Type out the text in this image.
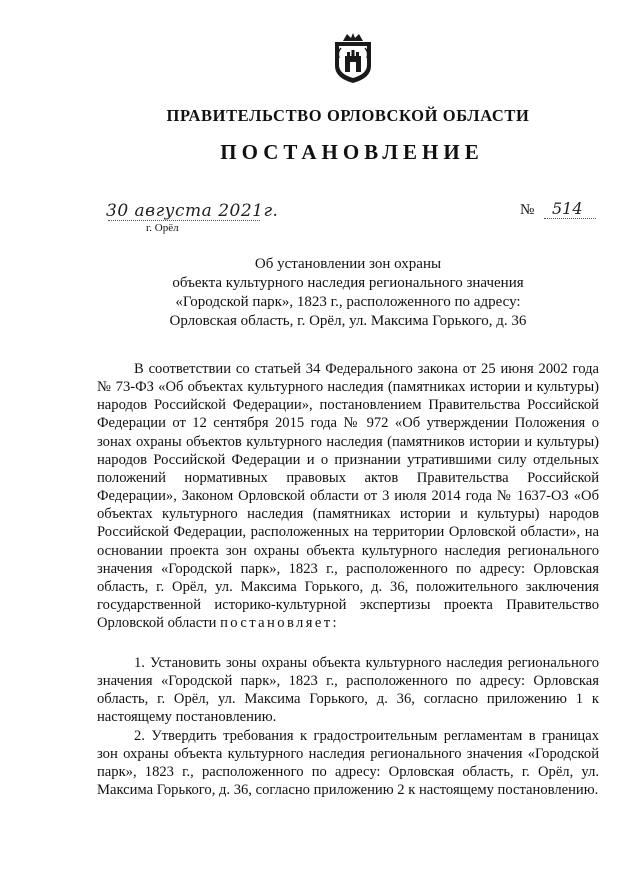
ПРАВИТЕЛЬСТВО ОРЛОВСКОЙ ОБЛАСТИ
ПОСТАНОВЛЕНИЕ
30 августа 2021г.
г. Орёл
№ 514
Об установлении зон охраны
объекта культурного наследия регионального значения
«Городской парк», 1823 г., расположенного по адресу:
Орловская область, г. Орёл, ул. Максима Горького, д. 36

В соответствии со статьей 34 Федерального закона от 25 июня 2002 года № 73-ФЗ «Об объектах культурного наследия (памятниках истории и культуры) народов Российской Федерации», постановлением Правительства Российской Федерации от 12 сентября 2015 года № 972 «Об утверждении Положения о зонах охраны объектов культурного наследия (памятников истории и культуры) народов Российской Федерации и о признании утратившими силу отдельных положений нормативных правовых актов Правительства Российской Федерации», Законом Орловской области от 3 июля 2014 года № 1637-ОЗ «Об объектах культурного наследия (памятниках истории и культуры) народов Российской Федерации, расположенных на территории Орловской области», на основании проекта зон охраны объекта культурного наследия регионального значения «Городской парк», 1823 г., расположенного по адресу: Орловская область, г. Орёл, ул. Максима Горького, д. 36, положительного заключения государственной историко-культурной экспертизы проекта Правительство Орловской области постановляет:

1. Установить зоны охраны объекта культурного наследия регионального значения «Городской парк», 1823 г., расположенного по адресу: Орловская область, г. Орёл, ул. Максима Горького, д. 36, согласно приложению 1 к настоящему постановлению.

2. Утвердить требования к градостроительным регламентам в границах зон охраны объекта культурного наследия регионального значения «Городской парк», 1823 г., расположенного по адресу: Орловская область, г. Орёл, ул. Максима Горького, д. 36, согласно приложению 2 к настоящему постановлению.
